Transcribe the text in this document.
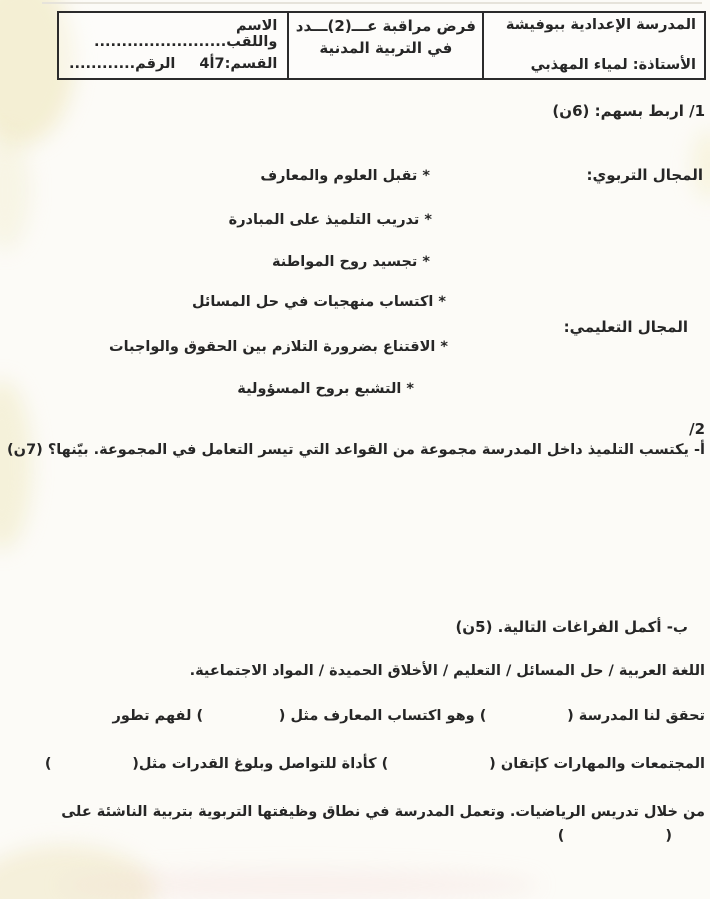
المدرسة الإعدادية ببوفيشة
الأستاذة: لمياء المهذبي
فرض مراقبة عـــ(2)ـــدد
في التربية المدنية
الاسم واللقب........................
القسم:7أ4
الرقم............
1/ اربط بسهم: (6ن)
المجال التربوي:
المجال التعليمي:
* تقبل العلوم والمعارف
* تدريب التلميذ على المبادرة
* تجسيد روح المواطنة
* اكتساب منهجيات في حل المسائل
* الاقتناع بضرورة التلازم بين الحقوق والواجبات
* التشبع بروح المسؤولية
2/
أ- يكتسب التلميذ داخل المدرسة مجموعة من القواعد التي تيسر التعامل في المجموعة. بيّنها؟ (7ن)
ب- أكمل الفراغات التالية. (5ن)
اللغة العربية / حل المسائل / التعليم / الأخلاق الحميدة / المواد الاجتماعية.
تحقق لنا المدرسة (                ) وهو اكتساب المعارف مثل (               ) لفهم تطور
المجتمعات والمهارات كإتقان (                    ) كأداة للتواصل وبلوغ القدرات مثل(                )
من خلال تدريس الرياضيات. وتعمل المدرسة في نطاق وظيفتها التربوية بتربية الناشئة على
(                    )
